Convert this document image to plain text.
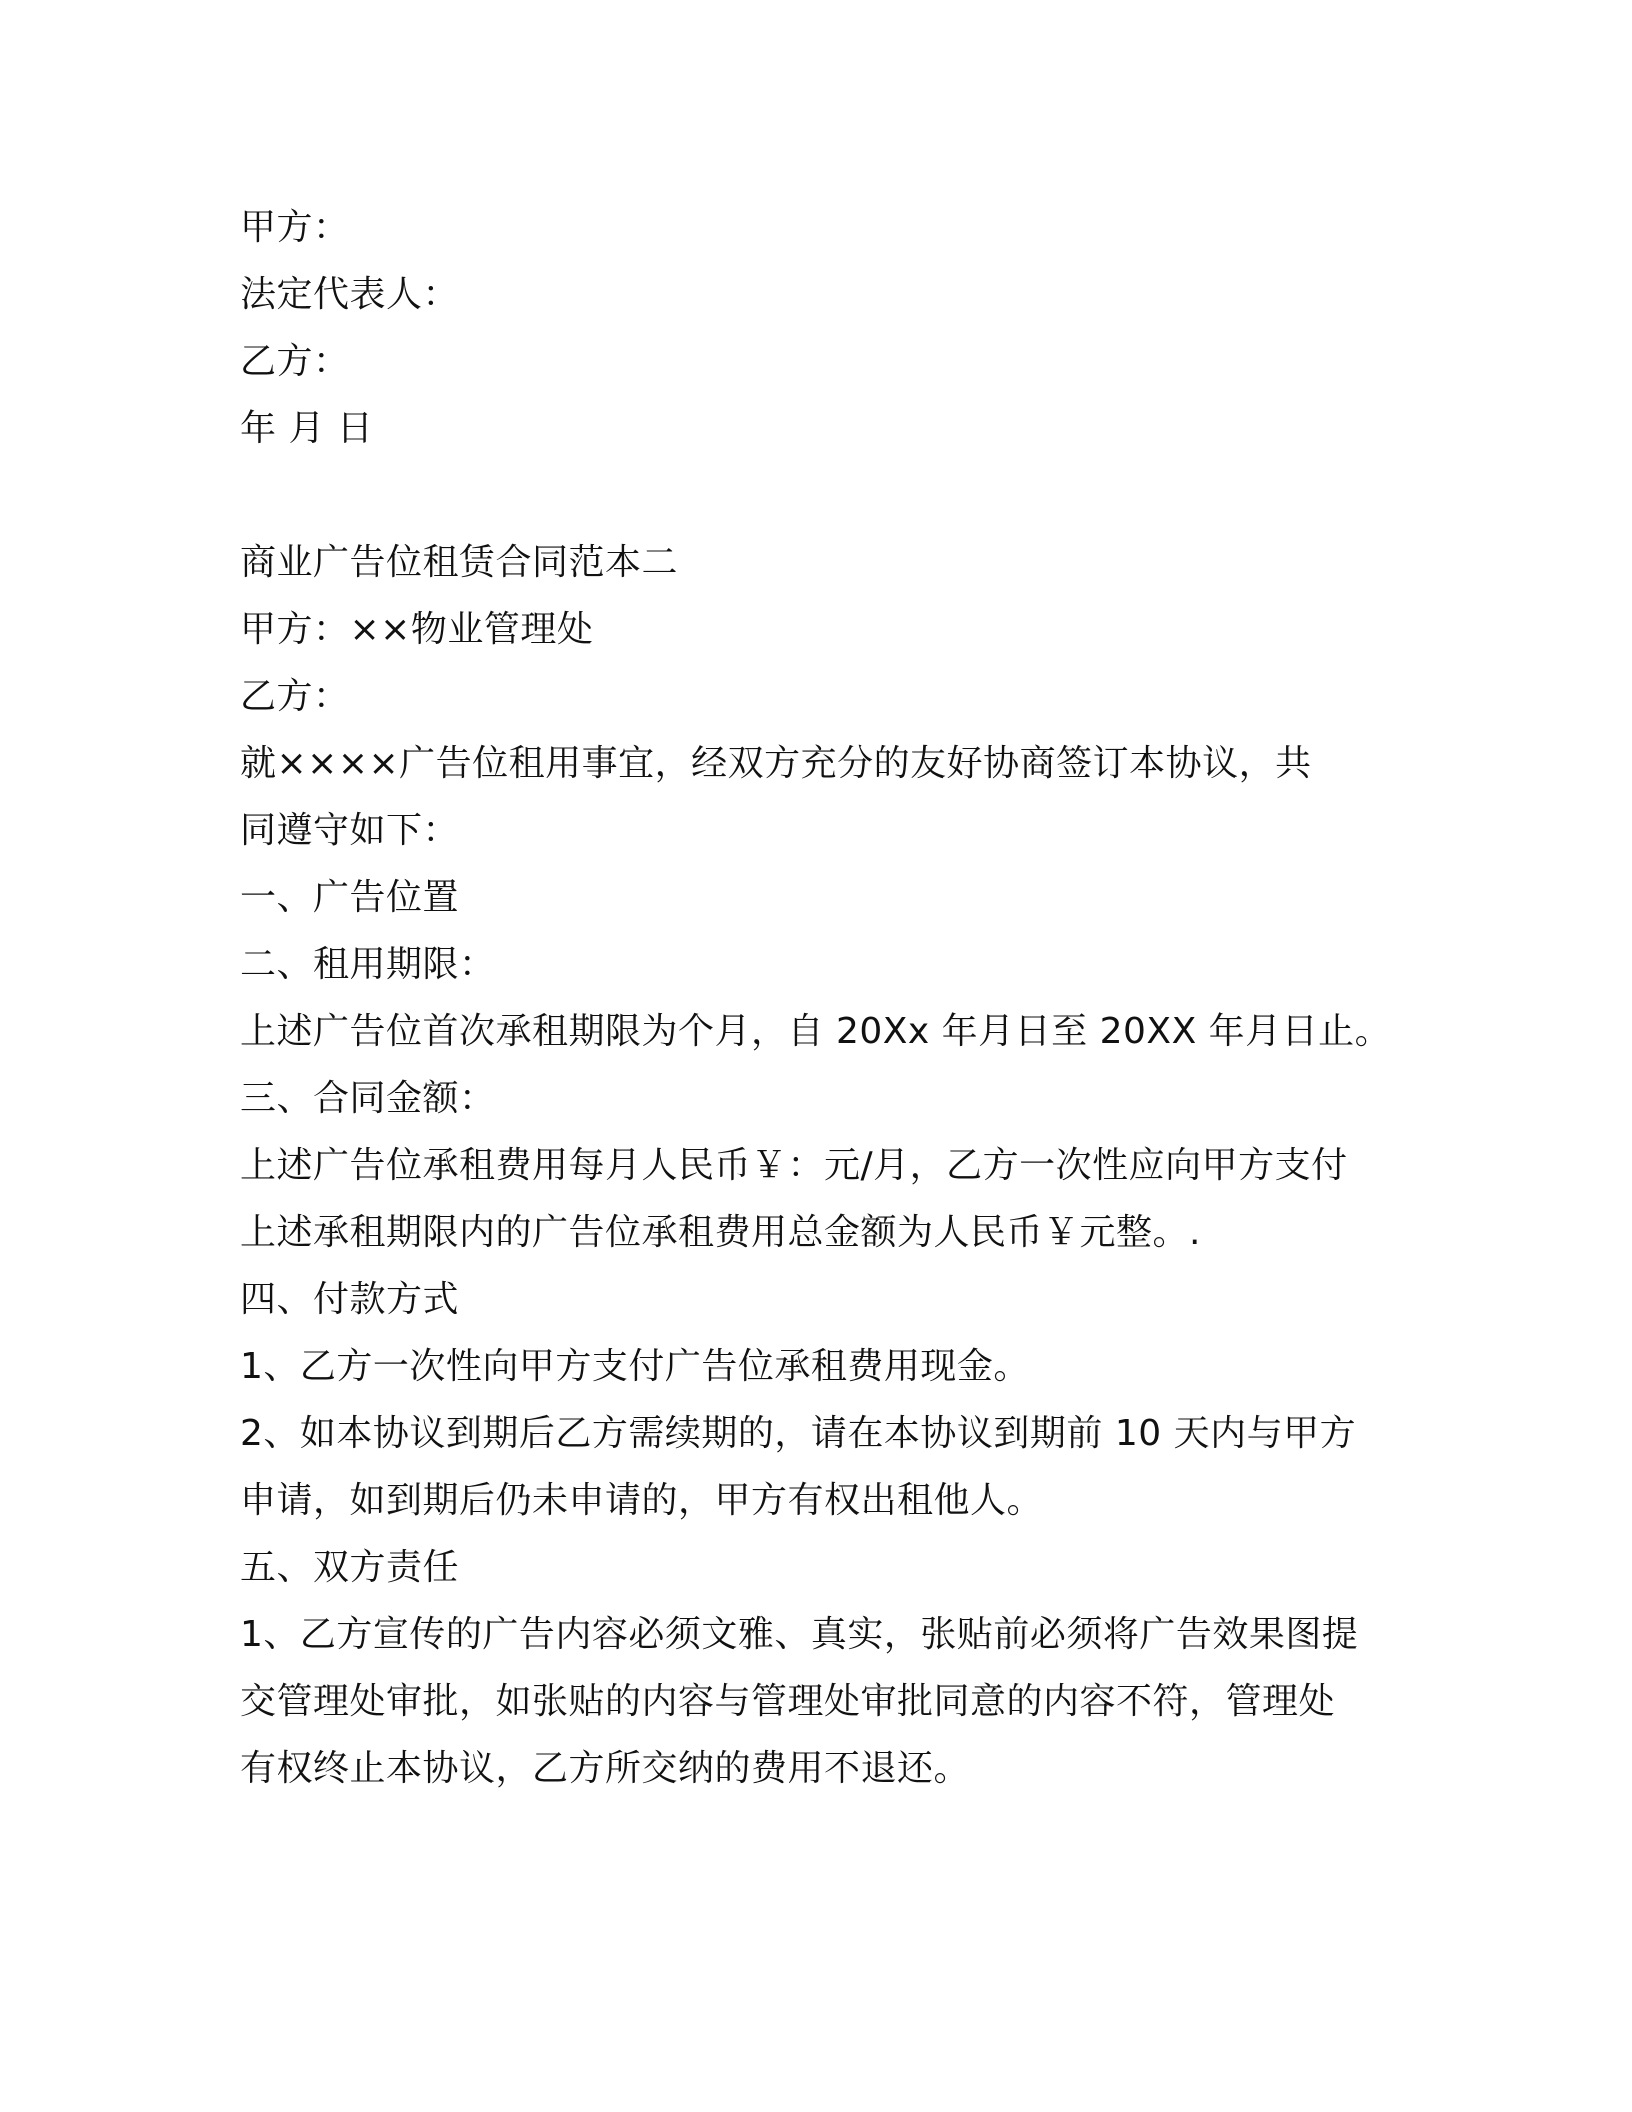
甲方：

法定代表人：

乙方：

年 月 日

商业广告位租赁合同范本二

甲方：××物业管理处

乙方：

就××××广告位租用事宜，经双方充分的友好协商签订本协议，共

同遵守如下：

一、广告位置

二、租用期限：

上述广告位首次承租期限为个月，自 20Xx 年月日至 20XX 年月日止。

三、合同金额：

上述广告位承租费用每月人民币￥：元/月，乙方一次性应向甲方支付

上述承租期限内的广告位承租费用总金额为人民币￥元整。.

四、付款方式

1、乙方一次性向甲方支付广告位承租费用现金。

2、如本协议到期后乙方需续期的，请在本协议到期前 10 天内与甲方

申请，如到期后仍未申请的，甲方有权出租他人。

五、双方责任

1、乙方宣传的广告内容必须文雅、真实，张贴前必须将广告效果图提

交管理处审批，如张贴的内容与管理处审批同意的内容不符，管理处

有权终止本协议，乙方所交纳的费用不退还。
